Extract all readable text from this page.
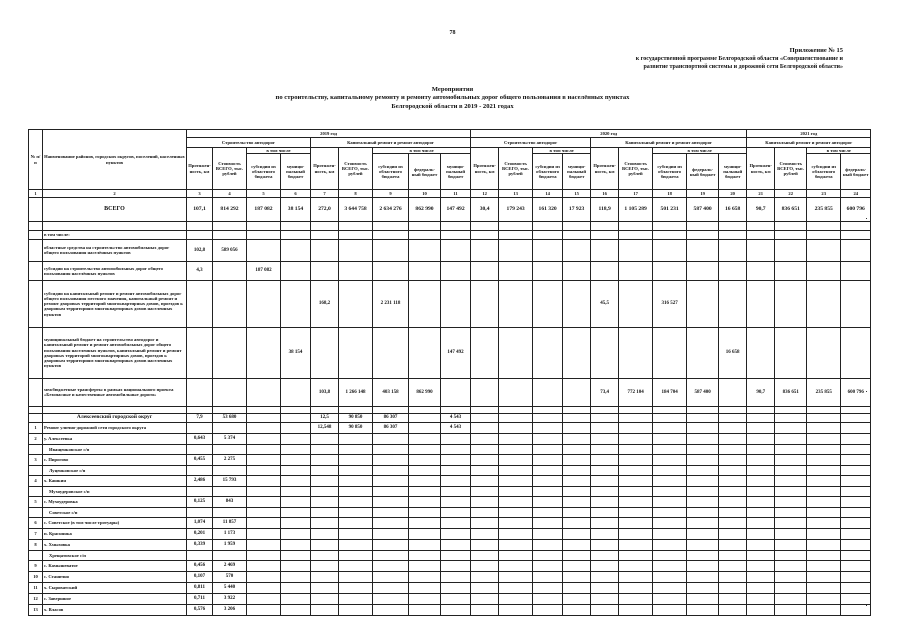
78
Приложение № 15
к государственной программе Белгородской области «Совершенствование и
развитие транспортной системы и дорожной сети Белгородской области»
Мероприятия
по строительству, капитальному ремонту и ремонту автомобильных дорог общего пользования в населённых пунктах
Белгородской области в 2019 - 2021 годах
№ п/п	Наименование районов, городских округов, поселений, населенных пунктов	2019 год									2020 год									2021 год			
		Строительство автодорог				Капитальный ремонт и ремонт автодорог					Строительство автодорог				Капитальный ремонт и ремонт автодорог					Капитальный ремонт и ремонт автодорог			
		Протяжен- ность, км	Стоимость ВСЕГО, тыс. рублей	в том числе		Протяжен- ность, км	Стоимость ВСЕГО, тыс. рублей	в том числе			Протяжен- ность, км	Стоимость ВСЕГО, тыс. рублей	в том числе		Протяжен- ность, км	Стоимость ВСЕГО, тыс. рублей	в том числе			Протяжен- ность, км	Стоимость ВСЕГО, тыс. рублей	в том числе	
				субсидии из областного бюджета	муници- пальный бюджет			субсидии из областного бюджета	федераль- ный бюджет	муници- пальный бюджет			субсидии из областного бюджета	муници- пальный бюджет			субсидии из областного бюджета	федераль- ный бюджет	муници- пальный бюджет			субсидии из областного бюджета	федераль- ный бюджет
1	2	3	4	5	6	7	8	9	10	11	12	13	14	15	16	17	18	19	20	21	22	23	24
	ВСЕГО	107,1	814 292	187 082	38 154	272,0	3 644 758	2 634 276	862 990	147 492	30,4	179 243	161 320	17 923	118,9	1 105 289	501 231	587 400	16 658	90,7	836 651	235 855	600 796

	в том числе:																						
	областные средства на строительство автомобильных дорог общего пользования населённых пунктов	102,8	589 056																				
	субсидии на строительство автомобильных дорог общего пользования населённых пунктов	4,3		187 082																			
	субсидии на капитальный ремонт и ремонт автомобильных дорог общего пользования местного значения, капитальный ремонт и ремонт дворовых территорий многоквартирных домов, проездов к дворовым территориям многоквартирных домов населенных пунктов					168,2		2 231 118							45,5		316 527						
	муниципальный бюджет на строительство автодорог и капитальный ремонт и ремонт автомобильных дорог общего пользования населенных пунктов, капитальный ремонт и ремонт дворовых территорий многоквартирных домов, проездов к дворовым территориям многоквартирных домов населенных пунктов				38 154					147 492									16 658				
	межбюджетные трансферты в рамках национального проекта «Безопасные и качественные автомобильные дороги»					103,8	1 266 148	403 158	862 990						73,4	772 104	184 704	587 400		90,7	836 651	235 855	600 796

	Алексеевский городской округ	7,9	53 680			12,5	90 850	86 307		4 543													
1	Ремонт улично-дорожной сети городского округа					12,548	90 850	86 307		4 543													
2	у. Алексеевка	0,643	5 374																				
	Иващенковское с/п																						
3	с. Пирогово	0,455	2 275																				
	Луценковское с/п																						
4	х. Кашкин	2,486	15 793																				
	Мухоудеровское с/п																						
5	с. Мухоудеровка	0,125	843																				
	Советское с/п																						
6	с. Советское (в том числе тротуары)	1,074	11 857																				
7	п. Краснянка	0,201	1 173																				
8	х. Хмызовка	0,339	1 959																				
	Хрещатовское с/п																						
9	с. Камышеватое	0,456	2 469																				
10	с. Станично	0,107	570																				
11	х. Сыроватский	0,811	5 440																				
12	с. Завершное	0,711	3 922																				
13	х. Власов	0,576	3 206																				
